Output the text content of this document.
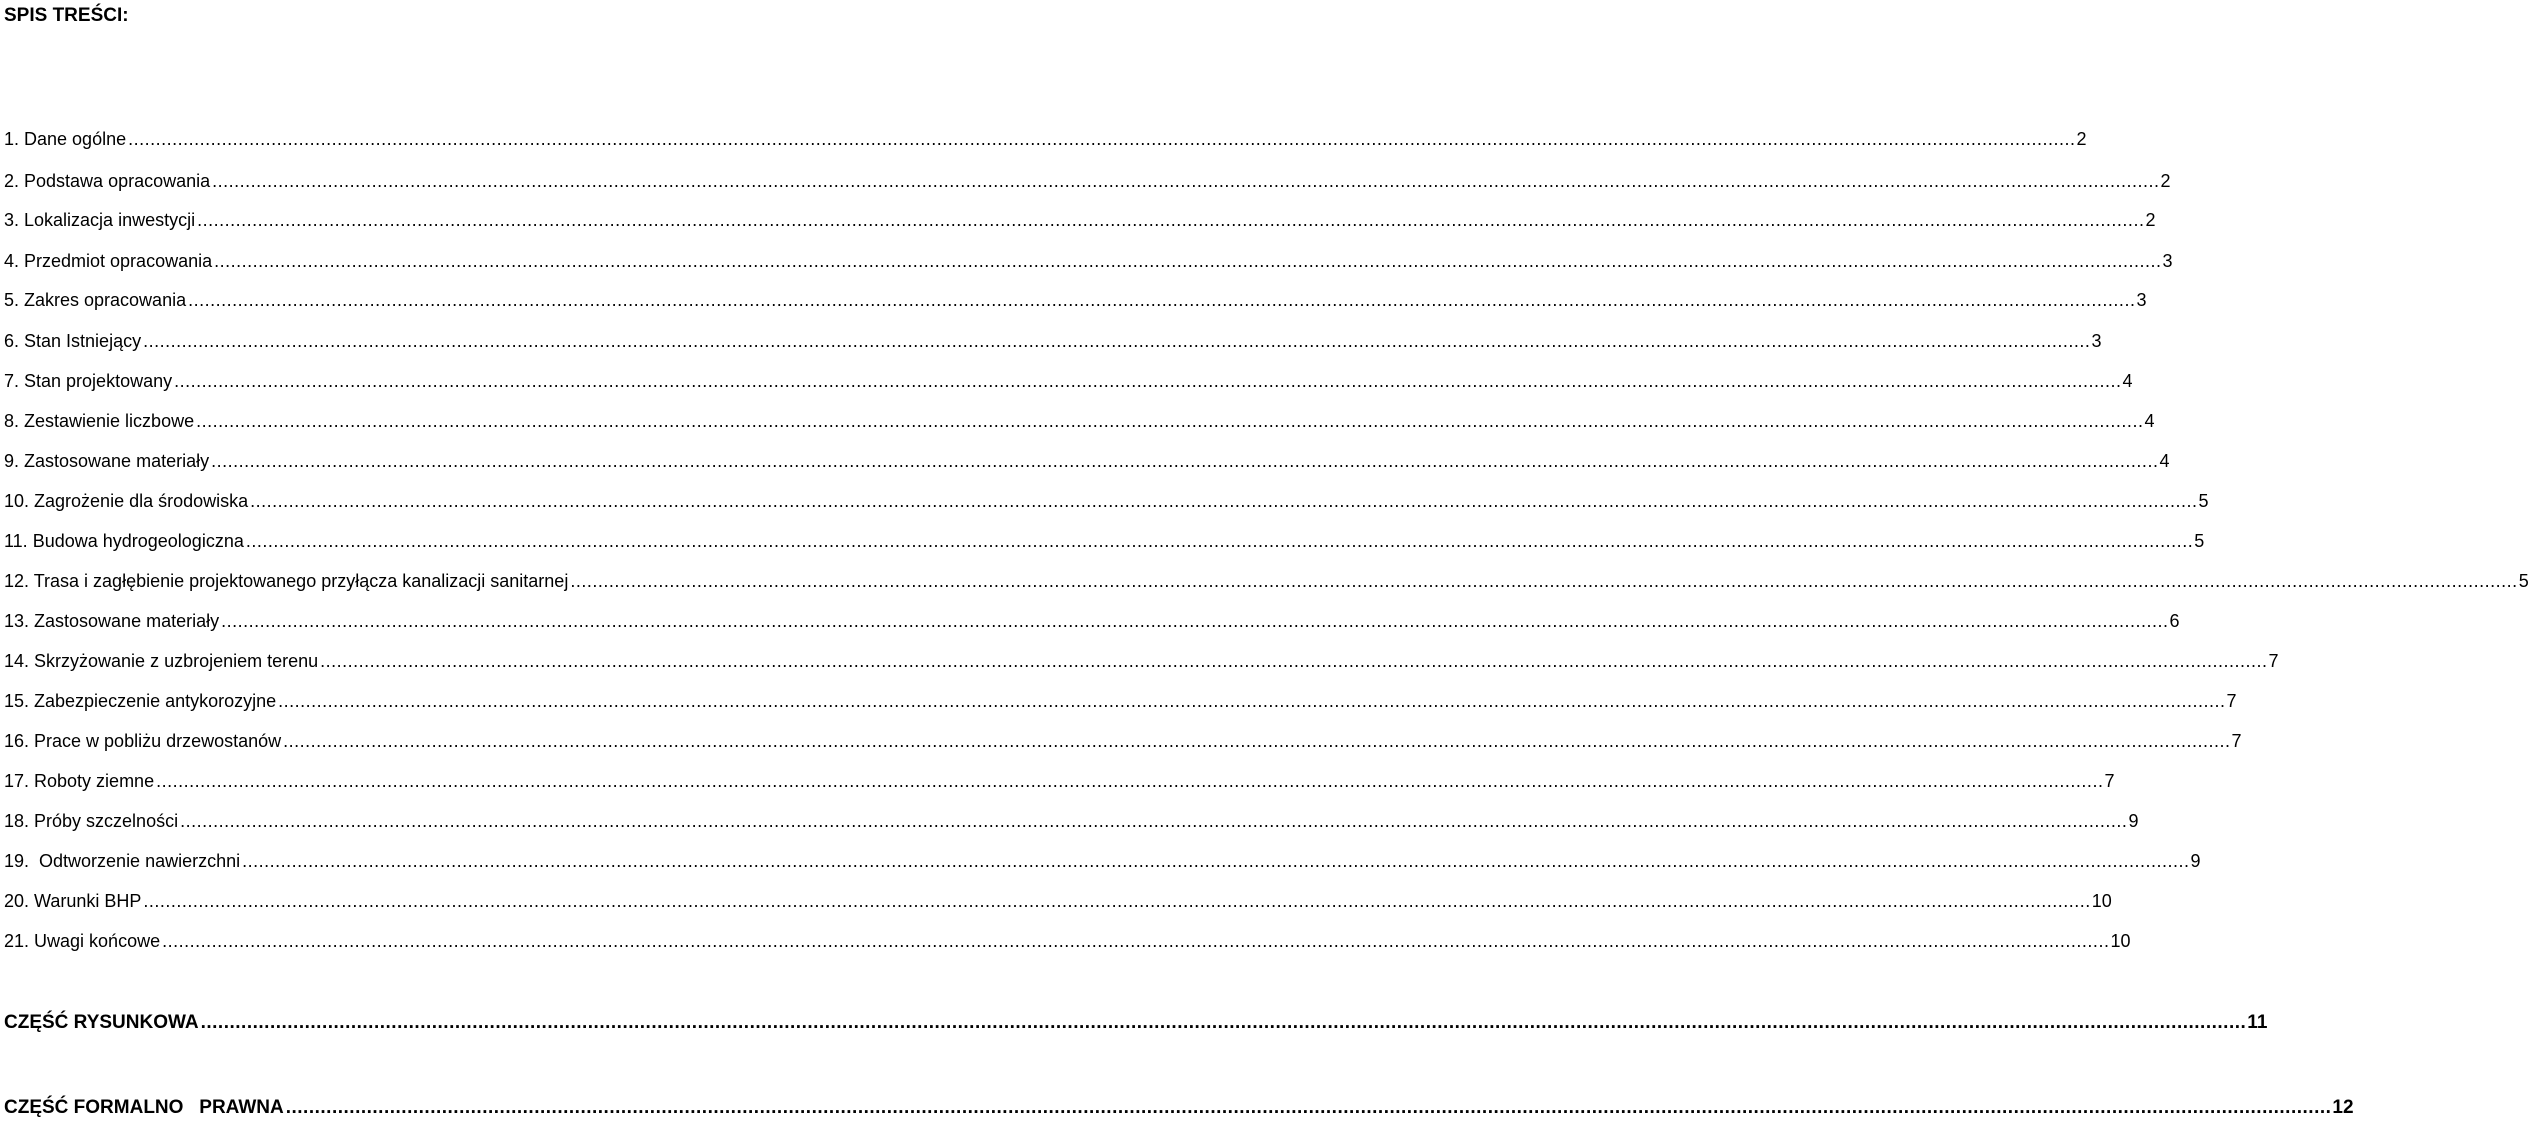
SPIS TREŚCI:
1. Dane ogólne .....	2
2. Podstawa opracowania .....	2
3. Lokalizacja inwestycji .....	2
4. Przedmiot opracowania .....	3
5. Zakres opracowania .....	3
6. Stan Istniejący .....	3
7. Stan projektowany .....	4
8. Zestawienie liczbowe .....	4
9. Zastosowane materiały .....	4
10. Zagrożenie dla środowiska .....	5
11. Budowa hydrogeologiczna .....	5
12. Trasa i zagłębienie projektowanego przyłącza kanalizacji sanitarnej .....	5
13. Zastosowane materiały .....	6
14. Skrzyżowanie z uzbrojeniem terenu .....	7
15. Zabezpieczenie antykorozyjne .....	7
16. Prace w pobliżu drzewostanów .....	7
17. Roboty ziemne .....	7
18. Próby szczelności .....	9
19.  Odtworzenie nawierzchni .....	9
20. Warunki BHP .....	10
21. Uwagi końcowe .....	10
CZĘŚĆ RYSUNKOWA .....	11
CZĘŚĆ FORMALNO   PRAWNA .....	12
